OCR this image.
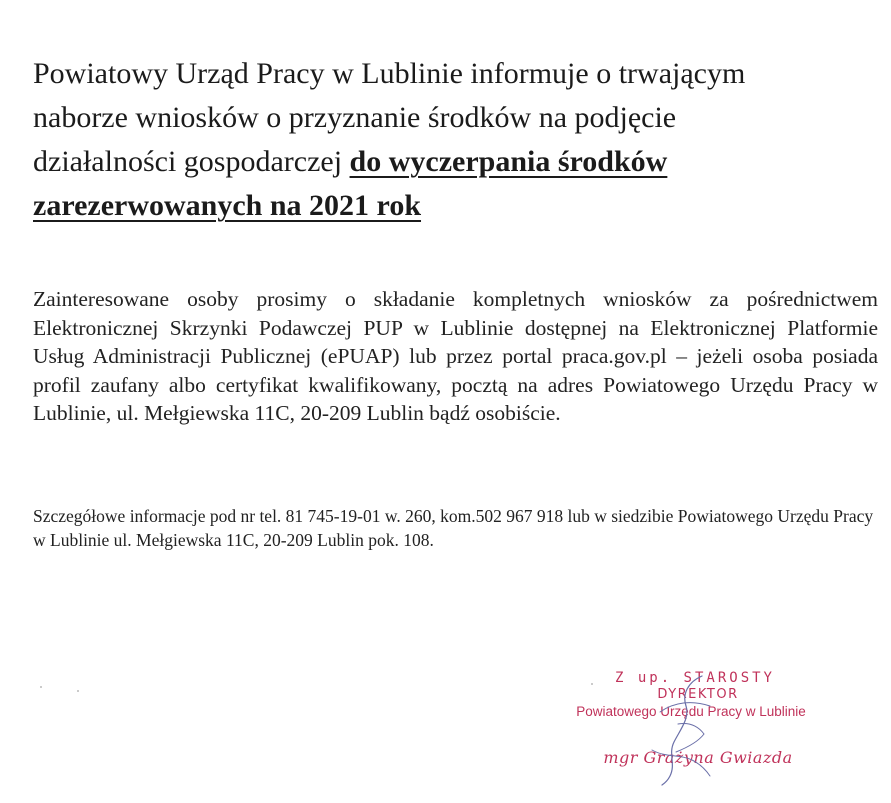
Powiatowy Urząd Pracy w Lublinie informuje o trwającym naborze wniosków o przyznanie środków na podjęcie działalności gospodarczej do wyczerpania środków zarezerwowanych na 2021 rok
Zainteresowane osoby prosimy o składanie kompletnych wniosków za pośrednictwem Elektronicznej Skrzynki Podawczej PUP w Lublinie dostępnej na Elektronicznej Platformie Usług Administracji Publicznej (ePUAP) lub przez portal praca.gov.pl – jeżeli osoba posiada profil zaufany albo certyfikat kwalifikowany, pocztą na adres Powiatowego Urzędu Pracy w Lublinie, ul. Mełgiewska 11C, 20-209 Lublin bądź osobiście.
Szczegółowe informacje pod nr tel. 81 745-19-01 w. 260, kom.502 967 918 lub w siedzibie Powiatowego Urzędu Pracy w Lublinie ul. Mełgiewska 11C, 20-209 Lublin pok. 108.
Z up. STAROSTY
DYREKTOR
Powiatowego Urzędu Pracy w Lublinie
mgr Grażyna Gwiazda
